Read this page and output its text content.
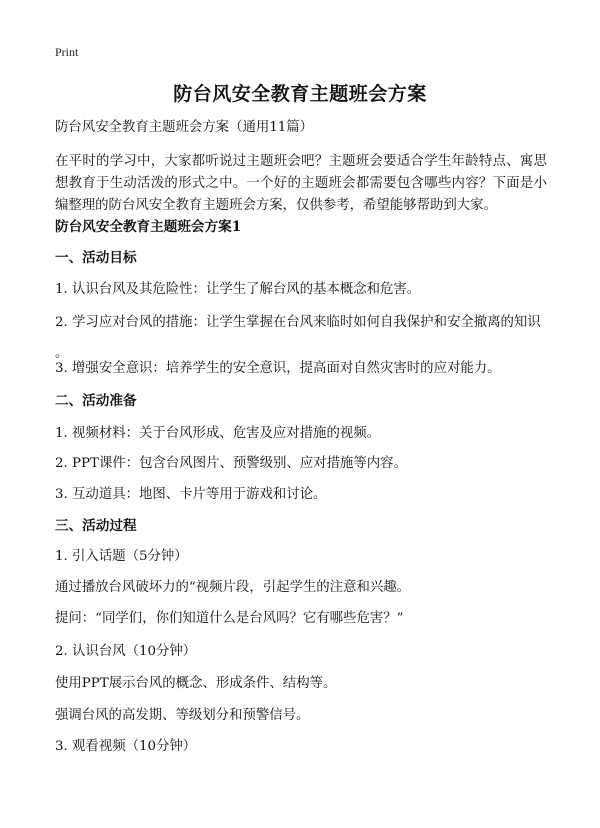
Print
防台风安全教育主题班会方案
防台风安全教育主题班会方案（通用11篇）
在平时的学习中，大家都听说过主题班会吧？主题班会要适合学生年龄特点、寓思想教育于生动活泼的形式之中。一个好的主题班会都需要包含哪些内容？下面是小编整理的防台风安全教育主题班会方案，仅供参考，希望能够帮助到大家。
防台风安全教育主题班会方案1
一、活动目标
1. 认识台风及其危险性：让学生了解台风的基本概念和危害。
2. 学习应对台风的措施：让学生掌握在台风来临时如何自我保护和安全撤离的知识
。
3. 增强安全意识：培养学生的安全意识，提高面对自然灾害时的应对能力。
二、活动准备
1. 视频材料：关于台风形成、危害及应对措施的视频。
2. PPT课件：包含台风图片、预警级别、应对措施等内容。
3. 互动道具：地图、卡片等用于游戏和讨论。
三、活动过程
1. 引入话题（5分钟）
通过播放台风破坏力的“视频片段，引起学生的注意和兴趣。
提问：“同学们，你们知道什么是台风吗？它有哪些危害？”
2. 认识台风（10分钟）
使用PPT展示台风的概念、形成条件、结构等。
强调台风的高发期、等级划分和预警信号。
3. 观看视频（10分钟）
